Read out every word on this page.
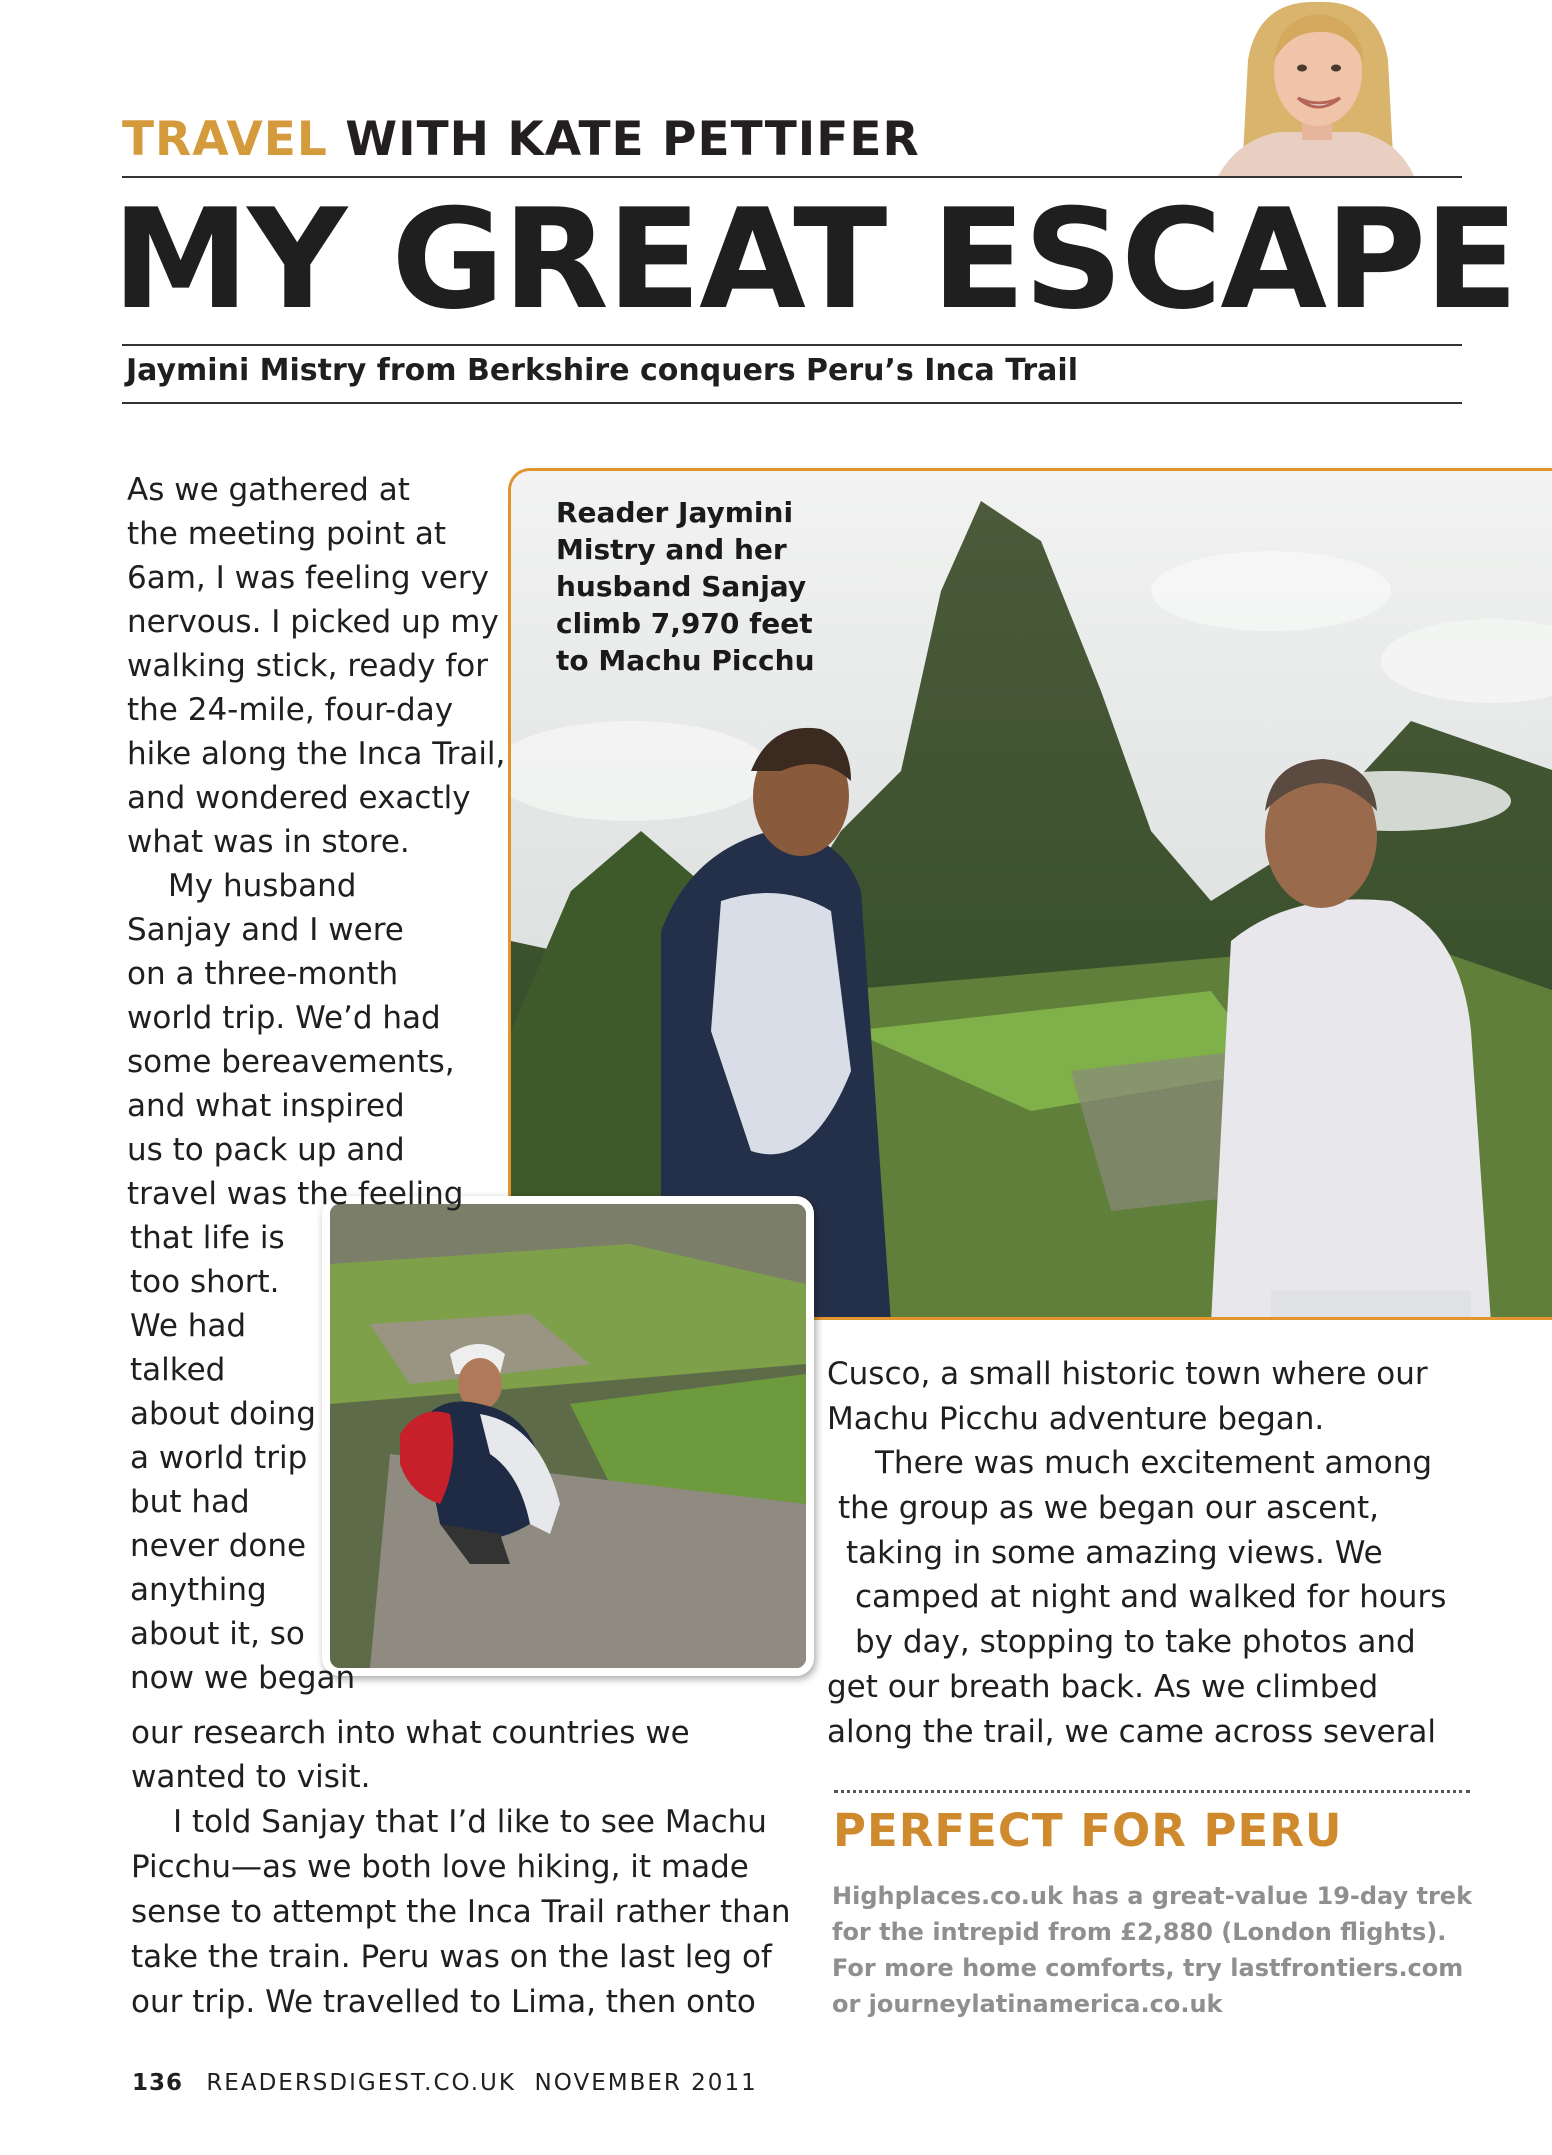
TRAVEL WITH KATE PETTIFER
MY GREAT ESCAPE
Jaymini Mistry from Berkshire conquers Peru’s Inca Trail
Reader Jaymini
Mistry and her
husband Sanjay
climb 7,970 feet
to Machu Picchu
As we gathered at
the meeting point at
6am, I was feeling very
nervous. I picked up my
walking stick, ready for
the 24-mile, four-day
hike along the Inca Trail,
and wondered exactly
what was in store.
My husband
Sanjay and I were
on a three-month
world trip. We’d had
some bereavements,
and what inspired
us to pack up and
travel was the feeling
that life is
too short.
We had
talked
about doing
a world trip
but had
never done
anything
about it, so
now we began
our research into what countries we
wanted to visit.
I told Sanjay that I’d like to see Machu
Picchu—as we both love hiking, it made
sense to attempt the Inca Trail rather than
take the train. Peru was on the last leg of
our trip. We travelled to Lima, then onto
Cusco, a small historic town where our
Machu Picchu adventure began.
There was much excitement among
the group as we began our ascent,
taking in some amazing views. We
camped at night and walked for hours
by day, stopping to take photos and
get our breath back. As we climbed
along the trail, we came across several
PERFECT FOR PERU
Highplaces.co.uk has a great-value 19-day trek
for the intrepid from £2,880 (London flights).
For more home comforts, try lastfrontiers.com
or journeylatinamerica.co.uk
136 READERSDIGEST.CO.UK  NOVEMBER 2011
